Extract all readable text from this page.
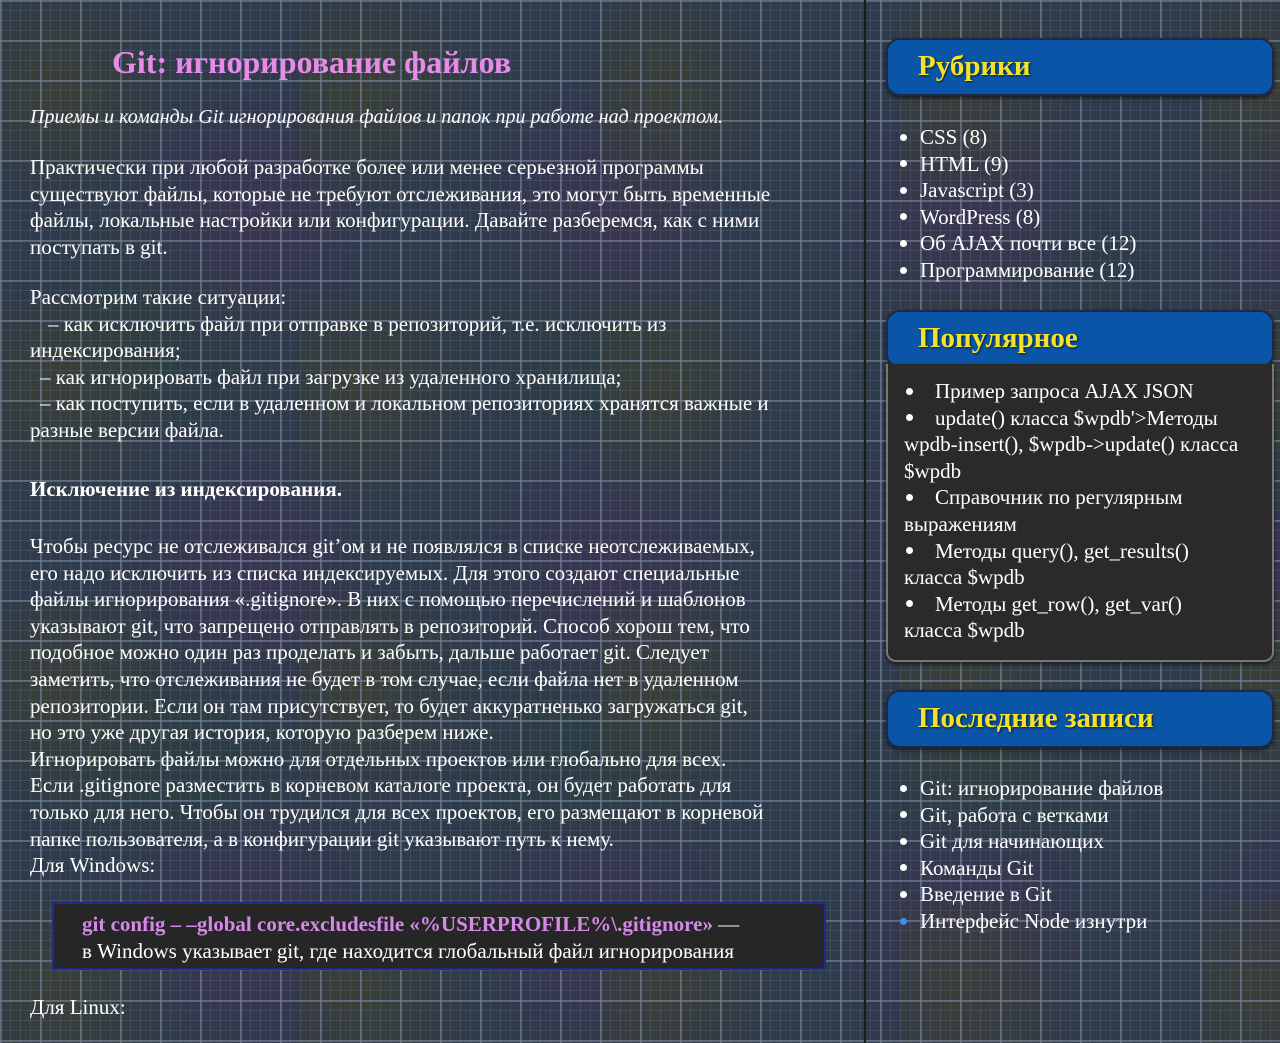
Git: игнорирование файлов
Приемы и команды Git игнорирования файлов и папок при работе над проектом.
Практически при любой разработке более или менее серьезной программы
существуют файлы, которые не требуют отслеживания, это могут быть временные
файлы, локальные настройки или конфигурации. Давайте разберемся, как с ними
поступать в git.
Рассмотрим такие ситуации:
– как исключить файл при отправке в репозиторий, т.е. исключить из
индексирования;
– как игнорировать файл при загрузке из удаленного хранилища;
– как поступить, если в удаленном и локальном репозиториях хранятся важные и
разные версии файла.
Исключение из индексирования.
Чтобы ресурс не отслеживался git’ом и не появлялся в списке неотслеживаемых,
его надо исключить из списка индексируемых. Для этого создают специальные
файлы игнорирования «.gitignore». В них с помощью перечислений и шаблонов
указывают git, что запрещено отправлять в репозиторий. Способ хорош тем, что
подобное можно один раз проделать и забыть, дальше работает git. Следует
заметить, что отслеживания не будет в том случае, если файла нет в удаленном
репозитории. Если он там присутствует, то будет аккуратненько загружаться git,
но это уже другая история, которую разберем ниже.
Игнорировать файлы можно для отдельных проектов или глобально для всех.
Если .gitignore разместить в корневом каталоге проекта, он будет работать для
только для него. Чтобы он трудился для всех проектов, его размещают в корневой
папке пользователя, а в конфигурации git указывают путь к нему.
Для Windows:
git config – –global core.excludesfile «%USERPROFILE%\.gitignore» —
в Windows указывает git, где находится глобальный файл игнорирования
Для Linux:
Рубрики
CSS (8)
HTML (9)
Javascript (3)
WordPress (8)
Об AJAX почти все (12)
Программирование (12)
Популярное
Пример запроса AJAX JSON
update() класса $wpdb'>Методы
wpdb-insert(), $wpdb->update() класса
$wpdb
Справочник по регулярным
выражениям
Методы query(), get_results()
класса $wpdb
Методы get_row(), get_var()
класса $wpdb
Последние записи
Git: игнорирование файлов
Git, работа с ветками
Git для начинающих
Команды Git
Введение в Git
Интерфейс Node изнутри
